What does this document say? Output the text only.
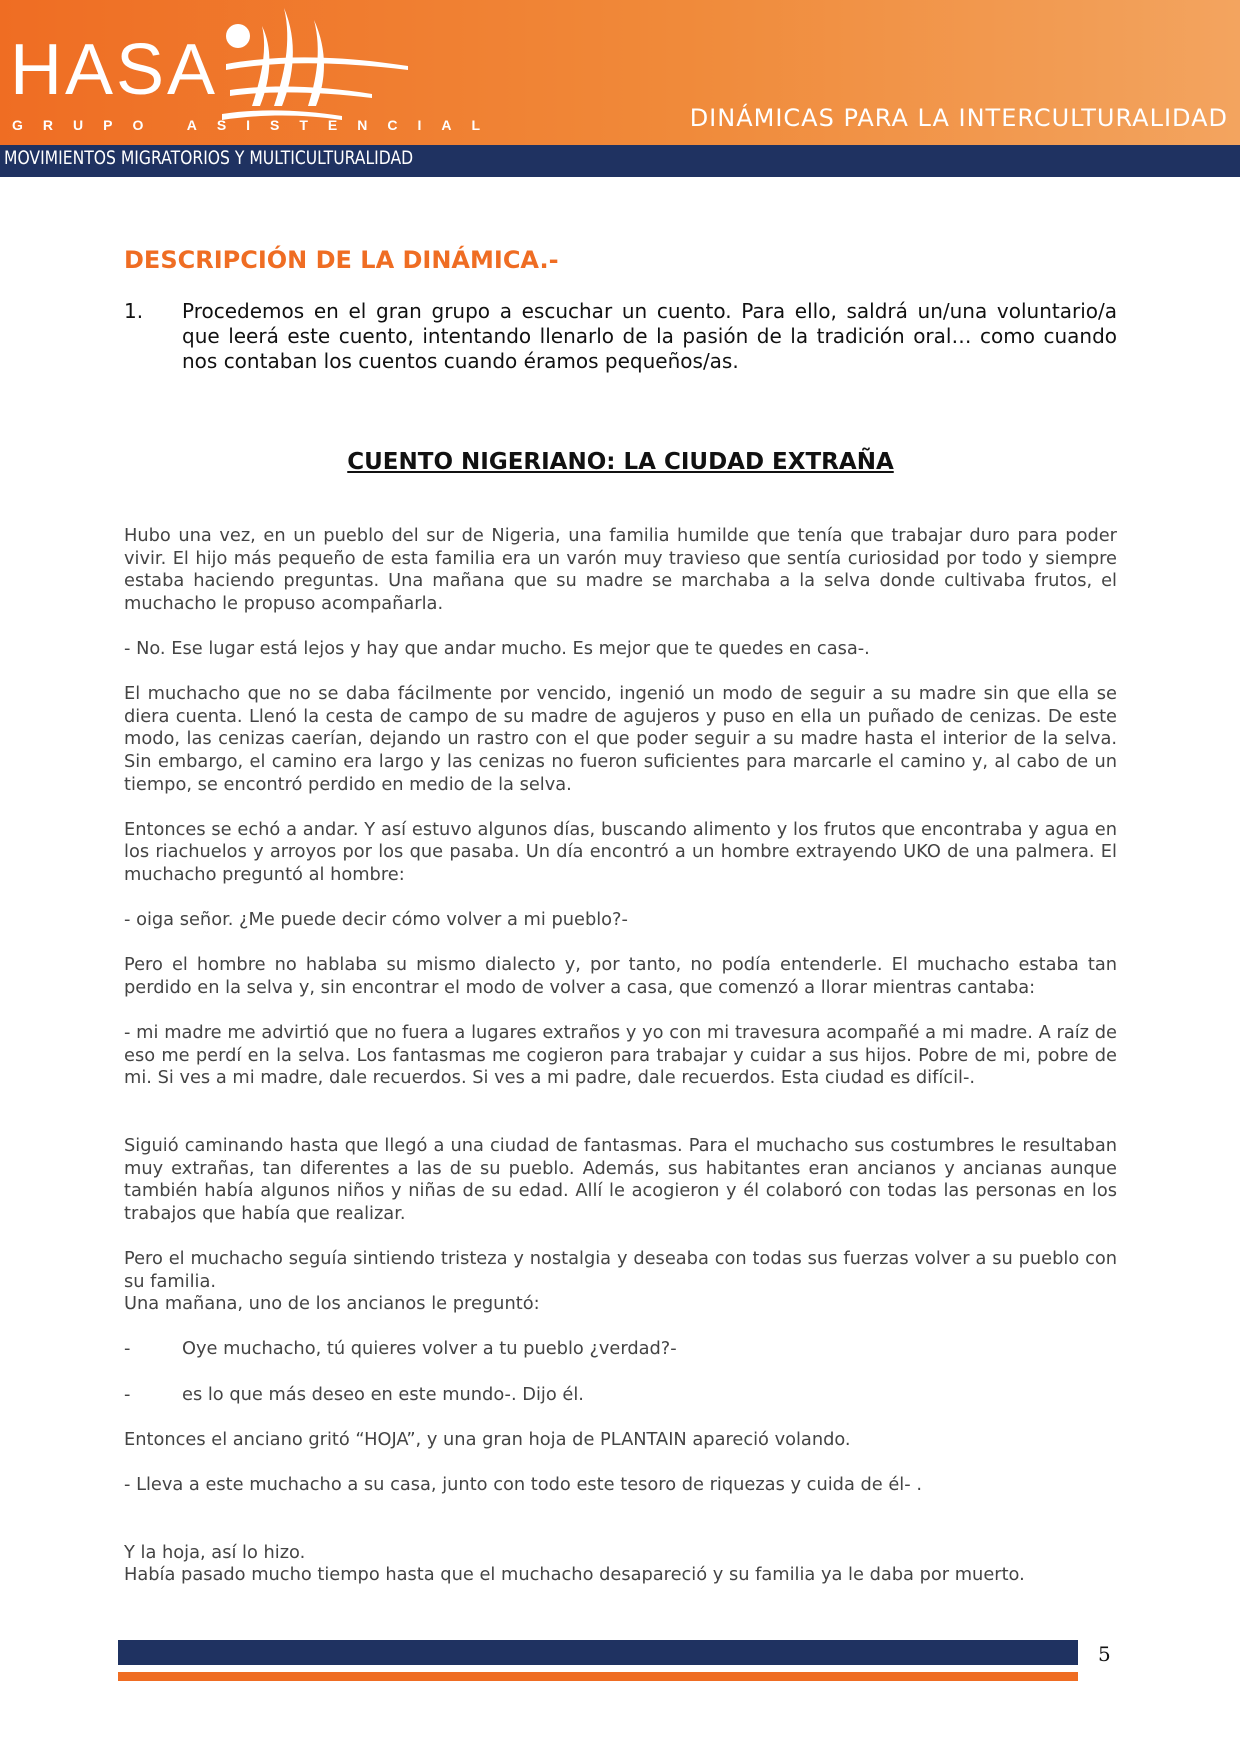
HASA
GRUPO ASISTENCIAL	DINÁMICAS PARA LA INTERCULTURALIDAD
MOVIMIENTOS MIGRATORIOS Y MULTICULTURALIDAD
DESCRIPCIÓN DE LA DINÁMICA.-
1.	Procedemos en el gran grupo a escuchar un cuento. Para ello, saldrá un/una voluntario/a que leerá este cuento, intentando llenarlo de la pasión de la tradición oral… como cuando nos contaban los cuentos cuando éramos pequeños/as.
CUENTO NIGERIANO: LA CIUDAD EXTRAÑA

Hubo una vez, en un pueblo del sur de Nigeria, una familia humilde que tenía que trabajar duro para poder vivir. El hijo más pequeño de esta familia era un varón muy travieso que sentía curiosidad por todo y siempre estaba haciendo preguntas. Una mañana que su madre se marchaba a la selva donde cultivaba frutos, el muchacho le propuso acompañarla.

- No. Ese lugar está lejos y hay que andar mucho. Es mejor que te quedes en casa-.

El muchacho que no se daba fácilmente por vencido, ingenió un modo de seguir a su madre sin que ella se diera cuenta. Llenó la cesta de campo de su madre de agujeros y puso en ella un puñado de cenizas. De este modo, las cenizas caerían, dejando un rastro con el que poder seguir a su madre hasta el interior de la selva. Sin embargo, el camino era largo y las cenizas no fueron suficientes para marcarle el camino y, al cabo de un tiempo, se encontró perdido en medio de la selva.

Entonces se echó a andar. Y así estuvo algunos días, buscando alimento y los frutos que encontraba y agua en los riachuelos y arroyos por los que pasaba. Un día encontró a un hombre extrayendo UKO de una palmera. El muchacho preguntó al hombre:

- oiga señor. ¿Me puede decir cómo volver a mi pueblo?-

Pero el hombre no hablaba su mismo dialecto y, por tanto, no podía entenderle. El muchacho estaba tan perdido en la selva y, sin encontrar el modo de volver a casa, que comenzó a llorar mientras cantaba:

- mi madre me advirtió que no fuera a lugares extraños y yo con mi travesura acompañé a mi madre. A raíz de eso me perdí en la selva. Los fantasmas me cogieron para trabajar y cuidar a sus hijos. Pobre de mi, pobre de mi. Si ves a mi madre, dale recuerdos. Si ves a mi padre, dale recuerdos. Esta ciudad es difícil-.

Siguió caminando hasta que llegó a una ciudad de fantasmas. Para el muchacho sus costumbres le resultaban muy extrañas, tan diferentes a las de su pueblo. Además, sus habitantes eran ancianos y ancianas aunque también había algunos niños y niñas de su edad. Allí le acogieron y él colaboró con todas las personas en los trabajos que había que realizar.

Pero el muchacho seguía sintiendo tristeza y nostalgia y deseaba con todas sus fuerzas volver a su pueblo con su familia.

Una mañana, uno de los ancianos le preguntó:

-	Oye muchacho, tú quieres volver a tu pueblo ¿verdad?-
-	es lo que más deseo en este mundo-. Dijo él.

Entonces el anciano gritó “HOJA”, y una gran hoja de PLANTAIN apareció volando.

- Lleva a este muchacho a su casa, junto con todo este tesoro de riquezas y cuida de él- .

Y la hoja, así lo hizo.

Había pasado mucho tiempo hasta que el muchacho desapareció y su familia ya le daba por muerto.

5
